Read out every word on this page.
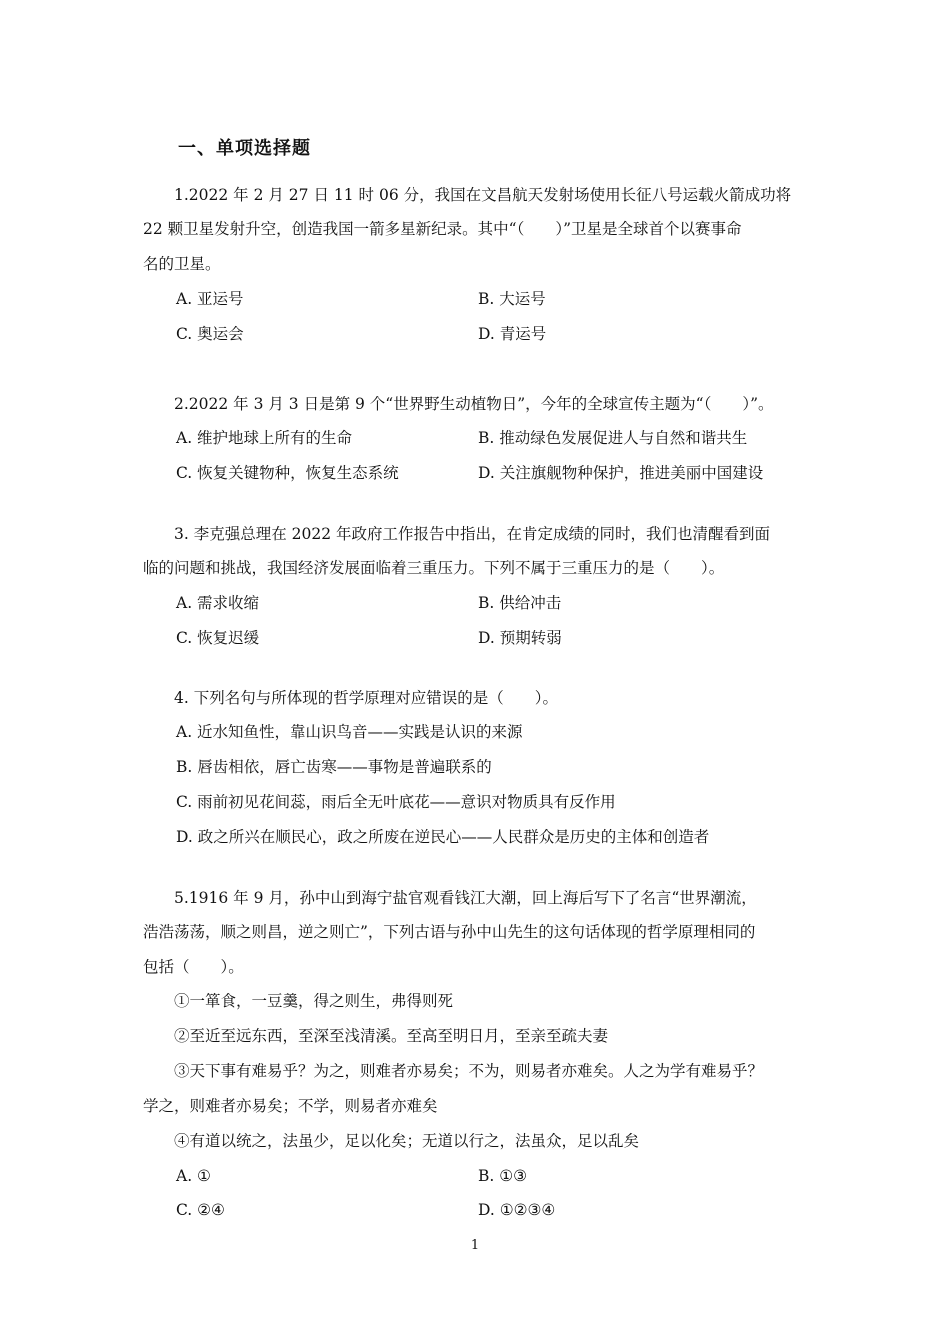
一、单项选择题
1.2022 年 2 月 27 日 11 时 06 分，我国在文昌航天发射场使用长征八号运载火箭成功将
22 颗卫星发射升空，创造我国一箭多星新纪录。其中“（　　）”卫星是全球首个以赛事命
名的卫星。
A. 亚运号	B. 大运号
C. 奥运会	D. 青运号
2.2022 年 3 月 3 日是第 9 个“世界野生动植物日”，今年的全球宣传主题为“（　　）”。
A. 维护地球上所有的生命	B. 推动绿色发展促进人与自然和谐共生
C. 恢复关键物种，恢复生态系统	D. 关注旗舰物种保护，推进美丽中国建设
3. 李克强总理在 2022 年政府工作报告中指出，在肯定成绩的同时，我们也清醒看到面
临的问题和挑战，我国经济发展面临着三重压力。下列不属于三重压力的是（　　）。
A. 需求收缩	B. 供给冲击
C. 恢复迟缓	D. 预期转弱
4. 下列名句与所体现的哲学原理对应错误的是（　　）。
A. 近水知鱼性，靠山识鸟音——实践是认识的来源
B. 唇齿相依，唇亡齿寒——事物是普遍联系的
C. 雨前初见花间蕊，雨后全无叶底花——意识对物质具有反作用
D. 政之所兴在顺民心，政之所废在逆民心——人民群众是历史的主体和创造者
5.1916 年 9 月，孙中山到海宁盐官观看钱江大潮，回上海后写下了名言“世界潮流，
浩浩荡荡，顺之则昌，逆之则亡”，下列古语与孙中山先生的这句话体现的哲学原理相同的
包括（　　）。
①一箪食，一豆羹，得之则生，弗得则死
②至近至远东西，至深至浅清溪。至高至明日月，至亲至疏夫妻
③天下事有难易乎？为之，则难者亦易矣；不为，则易者亦难矣。人之为学有难易乎？
学之，则难者亦易矣；不学，则易者亦难矣
④有道以统之，法虽少，足以化矣；无道以行之，法虽众，足以乱矣
A. ①	B. ①③
C. ②④	D. ①②③④
1
